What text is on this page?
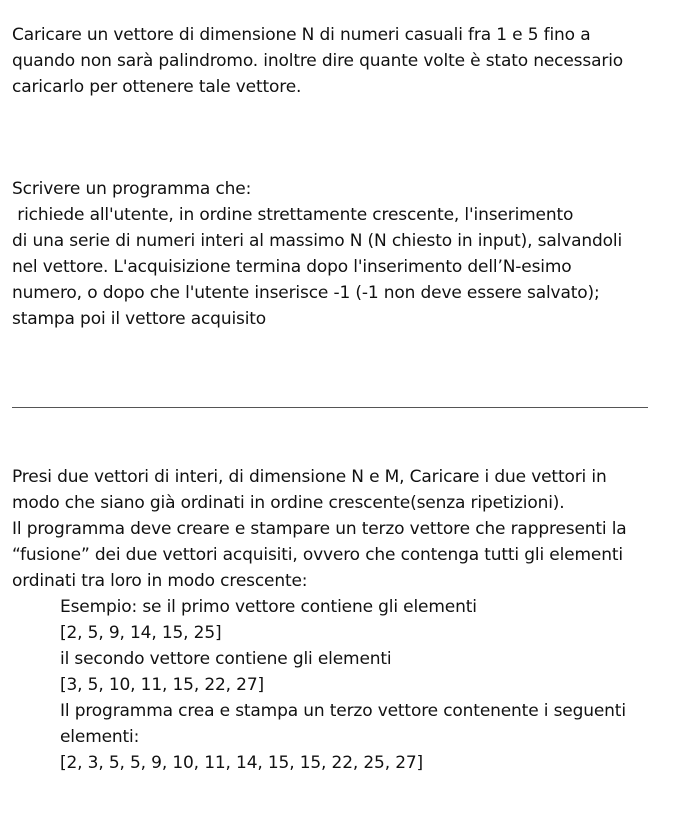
Caricare un vettore di dimensione N di numeri casuali fra 1 e 5 fino a
quando non sarà palindromo. inoltre dire quante volte è stato necessario
caricarlo per ottenere tale vettore.
Scrivere un programma che:
richiede all'utente, in ordine strettamente crescente, l'inserimento
di una serie di numeri interi al massimo N (N chiesto in input), salvandoli
nel vettore. L'acquisizione termina dopo l'inserimento dell’N-esimo
numero, o dopo che l'utente inserisce -1 (-1 non deve essere salvato);
stampa poi il vettore acquisito
Presi due vettori di interi, di dimensione N e M, Caricare i due vettori in
modo che siano già ordinati in ordine crescente(senza ripetizioni).
Il programma deve creare e stampare un terzo vettore che rappresenti la
“fusione” dei due vettori acquisiti, ovvero che contenga tutti gli elementi
ordinati tra loro in modo crescente:
Esempio: se il primo vettore contiene gli elementi
[2, 5, 9, 14, 15, 25]
il secondo vettore contiene gli elementi
[3, 5, 10, 11, 15, 22, 27]
Il programma crea e stampa un terzo vettore contenente i seguenti
elementi:
[2, 3, 5, 5, 9, 10, 11, 14, 15, 15, 22, 25, 27]
